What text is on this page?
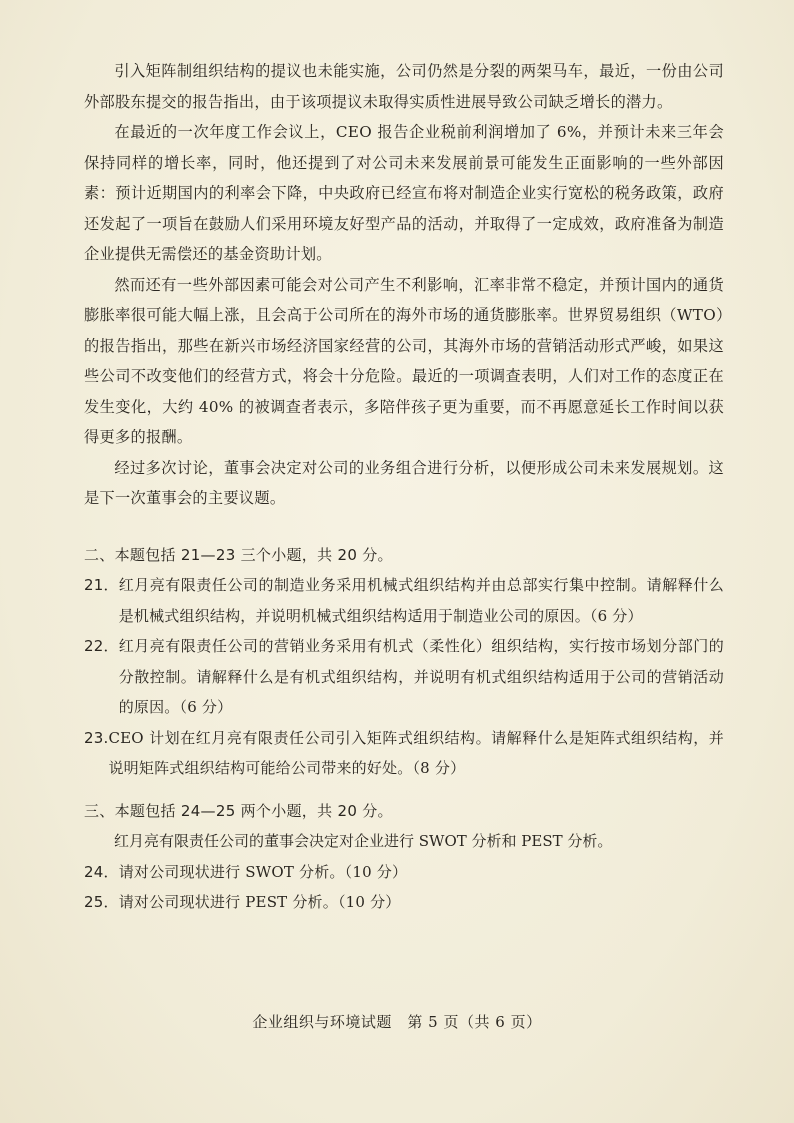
引入矩阵制组织结构的提议也未能实施，公司仍然是分裂的两架马车，最近，一份由公司外部股东提交的报告指出，由于该项提议未取得实质性进展导致公司缺乏增长的潜力。

在最近的一次年度工作会议上，CEO 报告企业税前利润增加了 6%，并预计未来三年会保持同样的增长率，同时，他还提到了对公司未来发展前景可能发生正面影响的一些外部因素：预计近期国内的利率会下降，中央政府已经宣布将对制造企业实行宽松的税务政策，政府还发起了一项旨在鼓励人们采用环境友好型产品的活动，并取得了一定成效，政府准备为制造企业提供无需偿还的基金资助计划。

然而还有一些外部因素可能会对公司产生不利影响，汇率非常不稳定，并预计国内的通货膨胀率很可能大幅上涨，且会高于公司所在的海外市场的通货膨胀率。世界贸易组织（WTO）的报告指出，那些在新兴市场经济国家经营的公司，其海外市场的营销活动形式严峻，如果这些公司不改变他们的经营方式，将会十分危险。最近的一项调查表明，人们对工作的态度正在发生变化，大约 40% 的被调查者表示，多陪伴孩子更为重要，而不再愿意延长工作时间以获得更多的报酬。

经过多次讨论，董事会决定对公司的业务组合进行分析，以便形成公司未来发展规划。这是下一次董事会的主要议题。

二、本题包括 21—23 三个小题，共 20 分。

21． 红月亮有限责任公司的制造业务采用机械式组织结构并由总部实行集中控制。请解释什么是机械式组织结构，并说明机械式组织结构适用于制造业公司的原因。（6 分）
22． 红月亮有限责任公司的营销业务采用有机式（柔性化）组织结构，实行按市场划分部门的分散控制。请解释什么是有机式组织结构，并说明有机式组织结构适用于公司的营销活动的原因。（6 分）
23. CEO 计划在红月亮有限责任公司引入矩阵式组织结构。请解释什么是矩阵式组织结构，并说明矩阵式组织结构可能给公司带来的好处。（8 分）

三、本题包括 24—25 两个小题，共 20 分。

红月亮有限责任公司的董事会决定对企业进行 SWOT 分析和 PEST 分析。

24． 请对公司现状进行 SWOT 分析。（10 分）
25． 请对公司现状进行 PEST 分析。（10 分）
企业组织与环境试题　第 5 页（共 6 页）
